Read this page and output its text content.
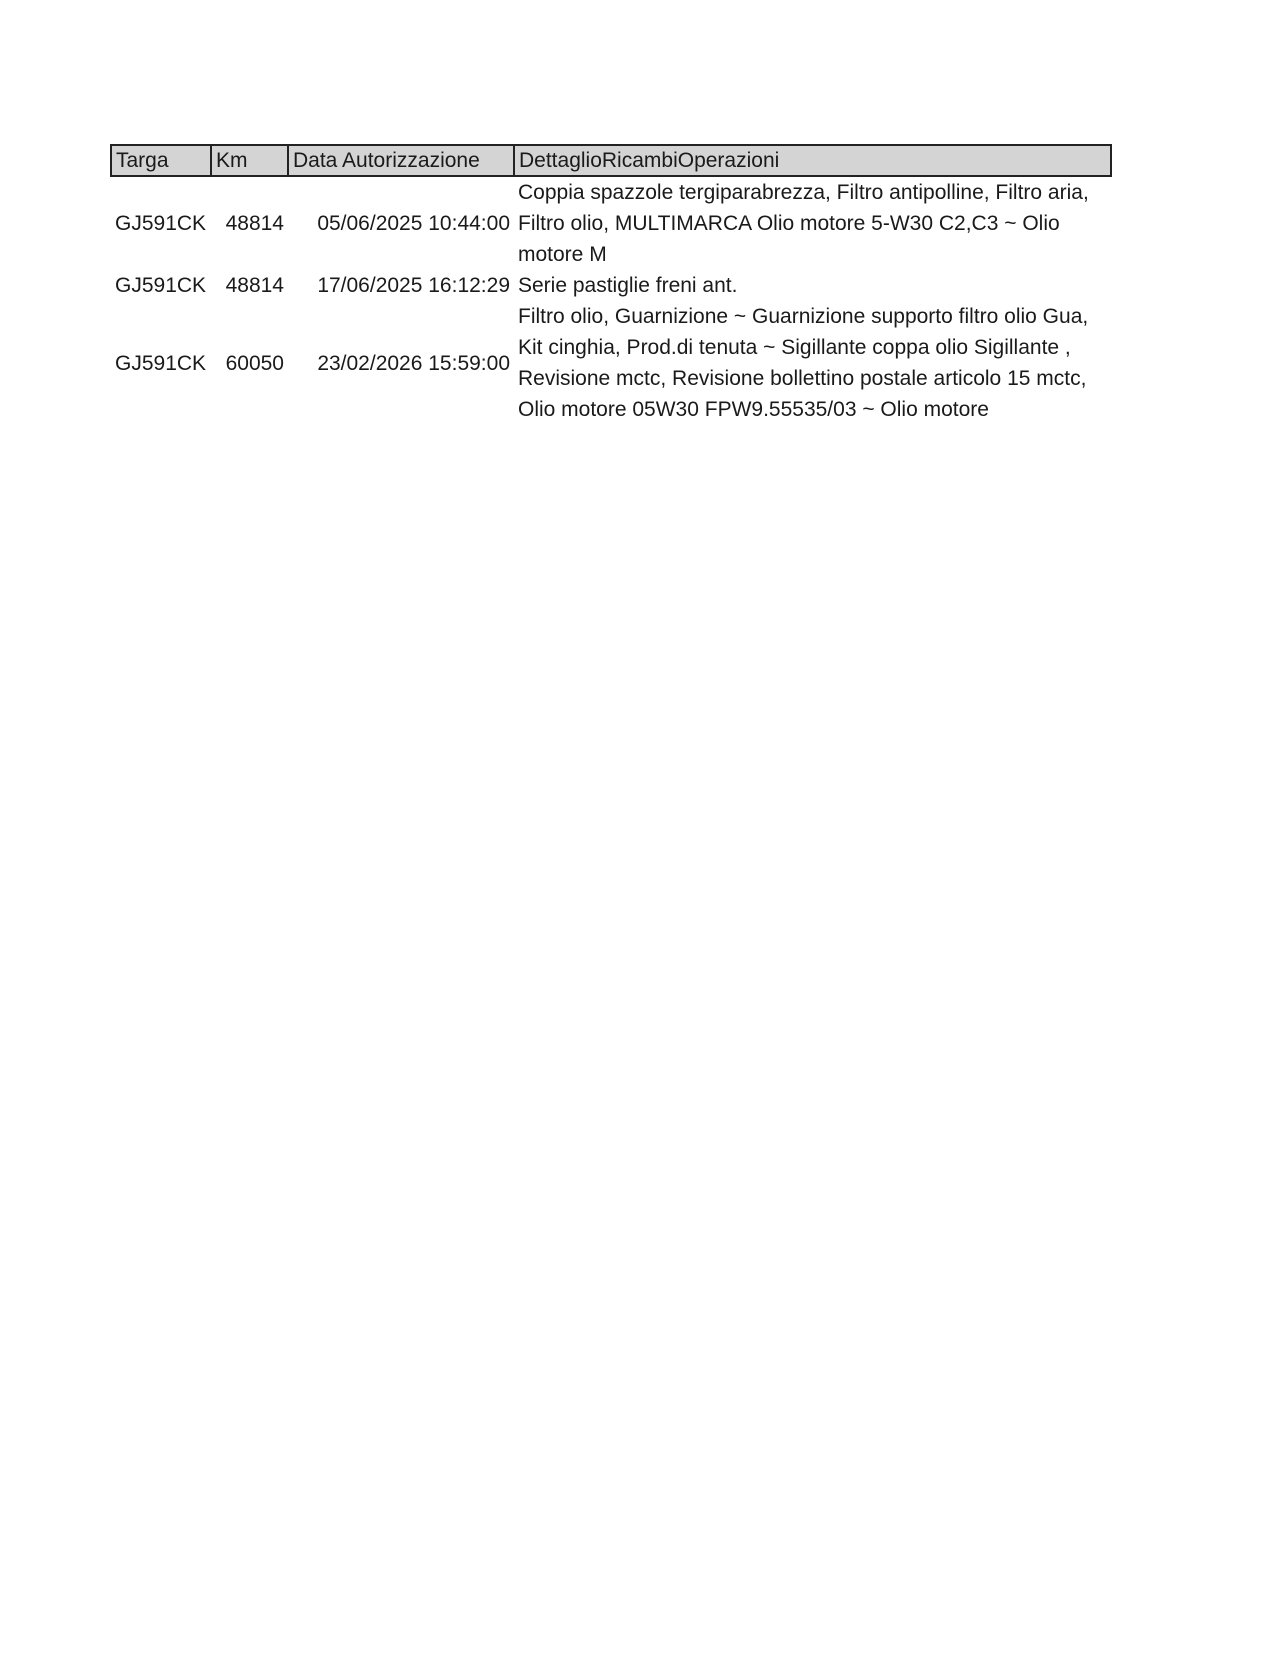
Targa	Km	Data Autorizzazione	DettaglioRicambiOperazioni
GJ591CK	48814	05/06/2025 10:44:00	Coppia spazzole tergiparabrezza, Filtro antipolline, Filtro aria, Filtro olio, MULTIMARCA Olio motore 5-W30 C2,C3 ~ Olio motore M
GJ591CK	48814	17/06/2025 16:12:29	Serie pastiglie freni ant.
GJ591CK	60050	23/02/2026 15:59:00	Filtro olio, Guarnizione ~ Guarnizione supporto filtro olio Gua, Kit cinghia, Prod.di tenuta ~ Sigillante coppa olio Sigillante , Revisione mctc, Revisione bollettino postale articolo 15 mctc, Olio motore 05W30 FPW9.55535/03 ~ Olio motore
